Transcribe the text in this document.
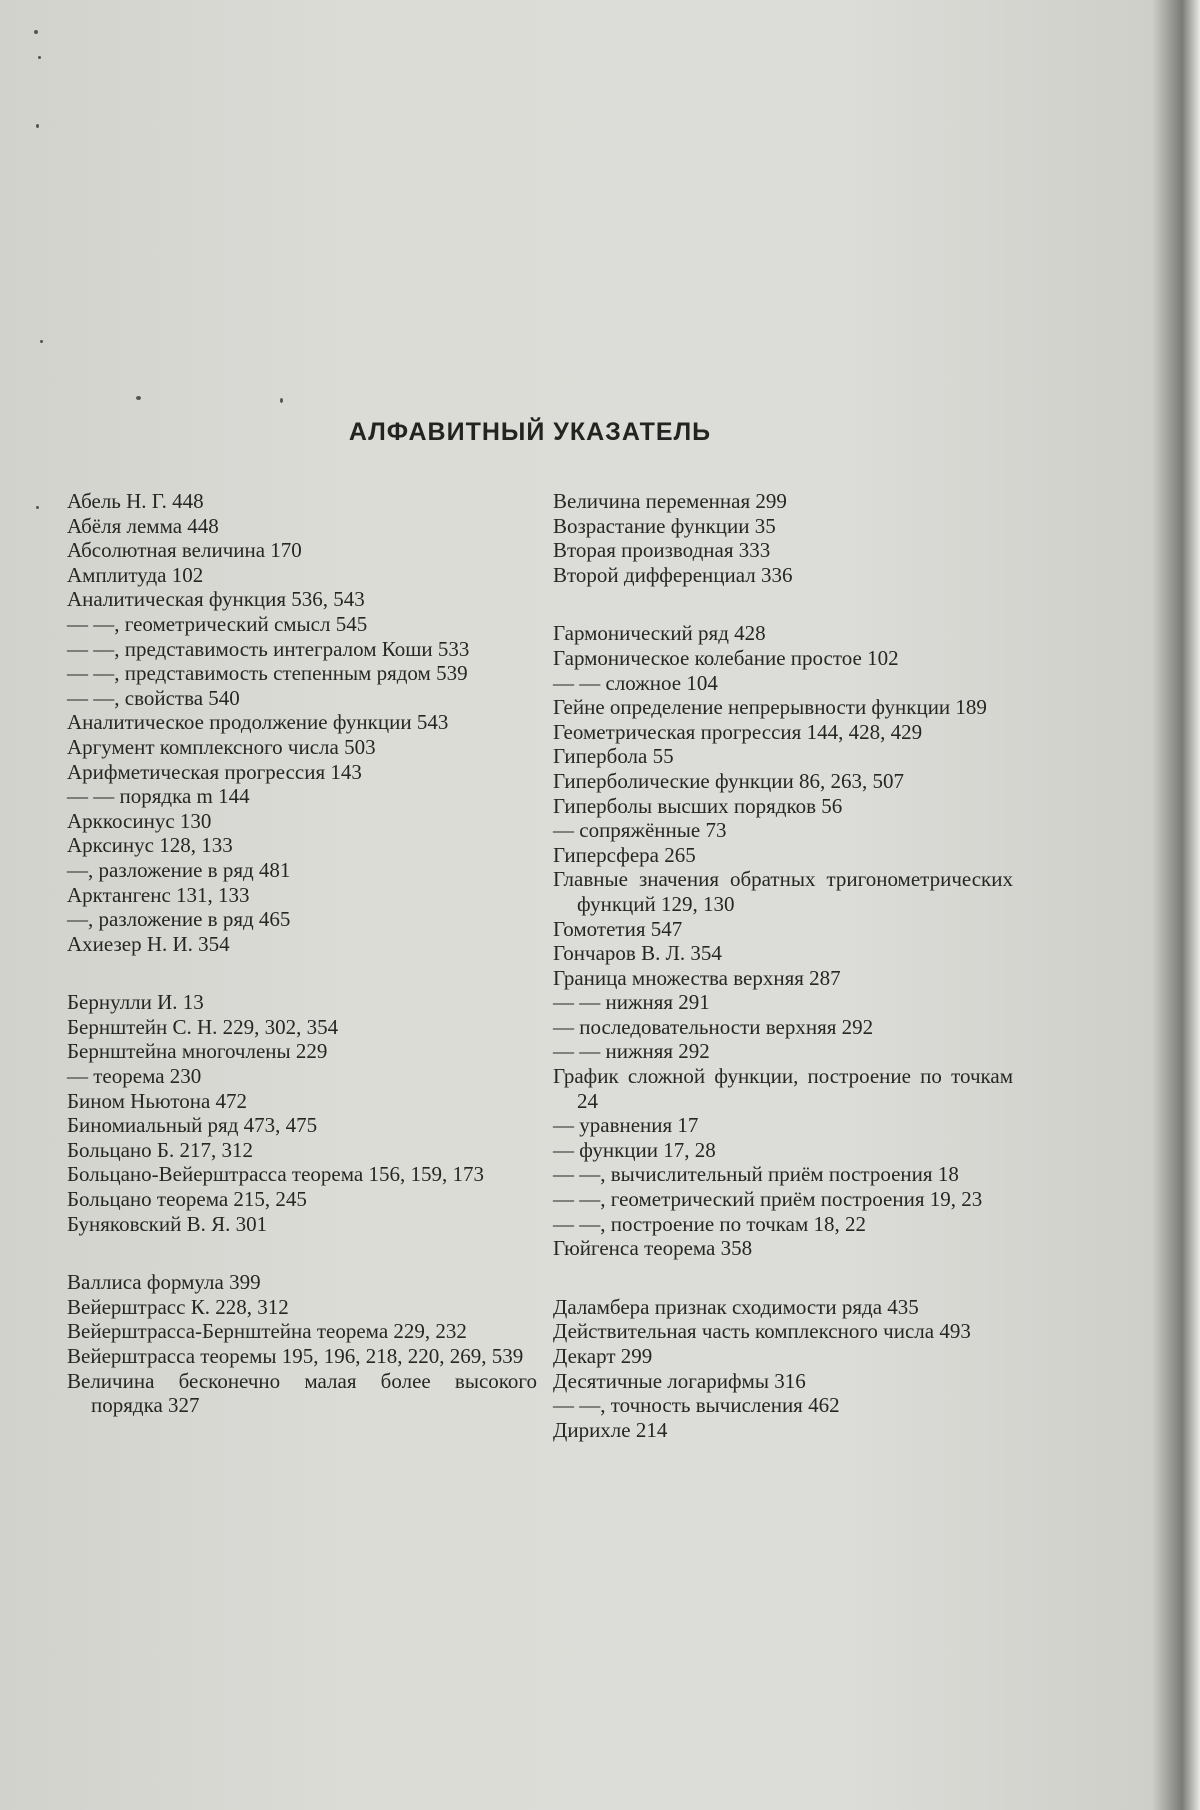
АЛФАВИТНЫЙ УКАЗАТЕЛЬ
Абель Н. Г. 448
Абёля лемма 448
Абсолютная величина 170
Амплитуда 102
Аналитическая функция 536, 543
— —, геометрический смысл 545
— —, представимость интегралом Коши 533
— —, представимость степенным рядом 539
— —, свойства 540
Аналитическое продолжение функции 543
Аргумент комплексного числа 503
Арифметическая прогрессия 143
— — порядка m 144
Арккосинус 130
Арксинус 128, 133
—, разложение в ряд 481
Арктангенс 131, 133
—, разложение в ряд 465
Ахиезер Н. И. 354
Бернулли И. 13
Бернштейн С. Н. 229, 302, 354
Бернштейна многочлены 229
— теорема 230
Бином Ньютона 472
Биномиальный ряд 473, 475
Больцано Б. 217, 312
Больцано-Вейерштрасса теорема 156, 159, 173
Больцано теорема 215, 245
Буняковский В. Я. 301
Валлиса формула 399
Вейерштрасс К. 228, 312
Вейерштрасса-Бернштейна теорема 229, 232
Вейерштрасса теоремы 195, 196, 218, 220, 269, 539
Величина бесконечно малая более высокого порядка 327
Величина переменная 299
Возрастание функции 35
Вторая производная 333
Второй дифференциал 336
Гармонический ряд 428
Гармоническое колебание простое 102
— — сложное 104
Гейне определение непрерывности функции 189
Геометрическая прогрессия 144, 428, 429
Гипербола 55
Гиперболические функции 86, 263, 507
Гиперболы высших порядков 56
— сопряжённые 73
Гиперсфера 265
Главные значения обратных тригонометрических функций 129, 130
Гомотетия 547
Гончаров В. Л. 354
Граница множества верхняя 287
— — нижняя 291
— последовательности верхняя 292
— — нижняя 292
График сложной функции, построение по точкам 24
— уравнения 17
— функции 17, 28
— —, вычислительный приём построения 18
— —, геометрический приём построения 19, 23
— —, построение по точкам 18, 22
Гюйгенса теорема 358
Даламбера признак сходимости ряда 435
Действительная часть комплексного числа 493
Декарт 299
Десятичные логарифмы 316
— —, точность вычисления 462
Дирихле 214
